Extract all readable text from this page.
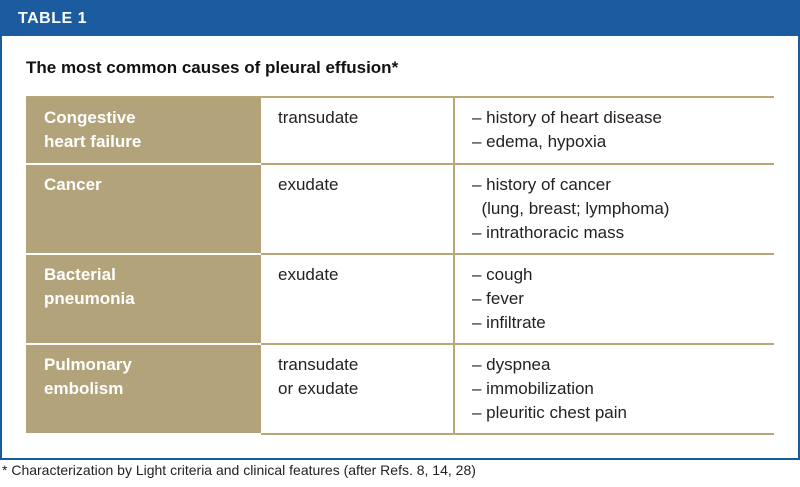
TABLE 1
The most common causes of pleural effusion*
Congestive
heart failure	transudate	– history of heart disease
– edema, hypoxia

Cancer	exudate	– history of cancer
(lung, breast; lymphoma)
– intrathoracic mass

Bacterial
pneumonia	exudate	– cough
– fever
– infiltrate

Pulmonary
embolism	transudate
or exudate	– dyspnea
– immobilization
– pleuritic chest pain
* Characterization by Light criteria and clinical features (after Refs. 8, 14, 28)
